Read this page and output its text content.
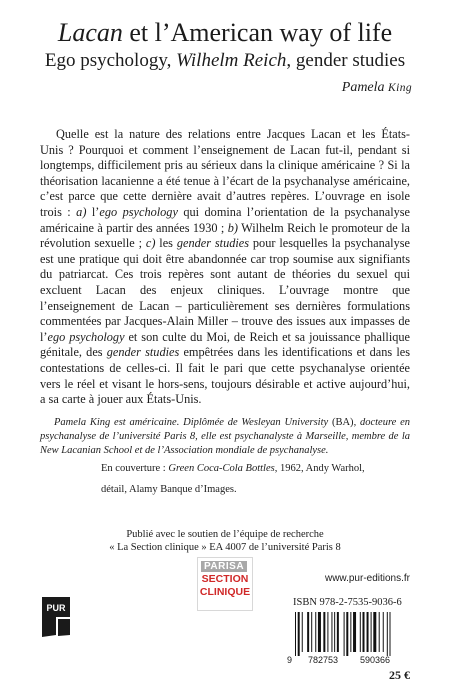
Lacan et l’American way of life
Ego psychology, Wilhelm Reich, gender studies
Pamela King

Quelle est la nature des relations entre Jacques Lacan et les États-Unis ? Pourquoi et comment l’enseignement de Lacan fut-il, pendant si longtemps, difficilement pris au sérieux dans la clinique américaine ? Si la théorisation lacanienne a été tenue à l’écart de la psychanalyse américaine, c’est parce que cette dernière avait d’autres repères. L’ouvrage en isole trois : a) l’ego psychology qui domina l’orientation de la psychanalyse américaine à partir des années 1930 ; b) Wilhelm Reich le promoteur de la révolution sexuelle ; c) les gender studies pour lesquelles la psychanalyse est une pratique qui doit être abandonnée car trop soumise aux signifiants du patriarcat. Ces trois repères sont autant de théories du sexuel qui excluent Lacan des enjeux cliniques. L’ouvrage montre que l’enseignement de Lacan – particulièrement ses dernières formulations commentées par Jacques-Alain Miller – trouve des issues aux impasses de l’ego psychology et son culte du Moi, de Reich et sa jouissance phallique génitale, des gender studies empêtrées dans les identifications et dans les contestations de celles-ci. Il fait le pari que cette psychanalyse orientée vers le réel et visant le hors-sens, toujours désirable et active aujourd’hui, a sa carte à jouer aux États-Unis.

Pamela King est américaine. Diplômée de Wesleyan University (BA), docteure en psychanalyse de l’université Paris 8, elle est psychanalyste à Marseille, membre de la New Lacanian School et de l’Association mondiale de psychanalyse.

En couverture : Green Coca-Cola Bottles, 1962, Andy Warhol,
détail, Alamy Banque d’Images.

Publié avec le soutien de l’équipe de recherche
« La Section clinique » EA 4007 de l’université Paris 8
PARISA
SECTION
CLINIQUE
www.pur-editions.fr
PUR	ISBN 978-2-7535-9036-6
9 782753 590366
25 €
